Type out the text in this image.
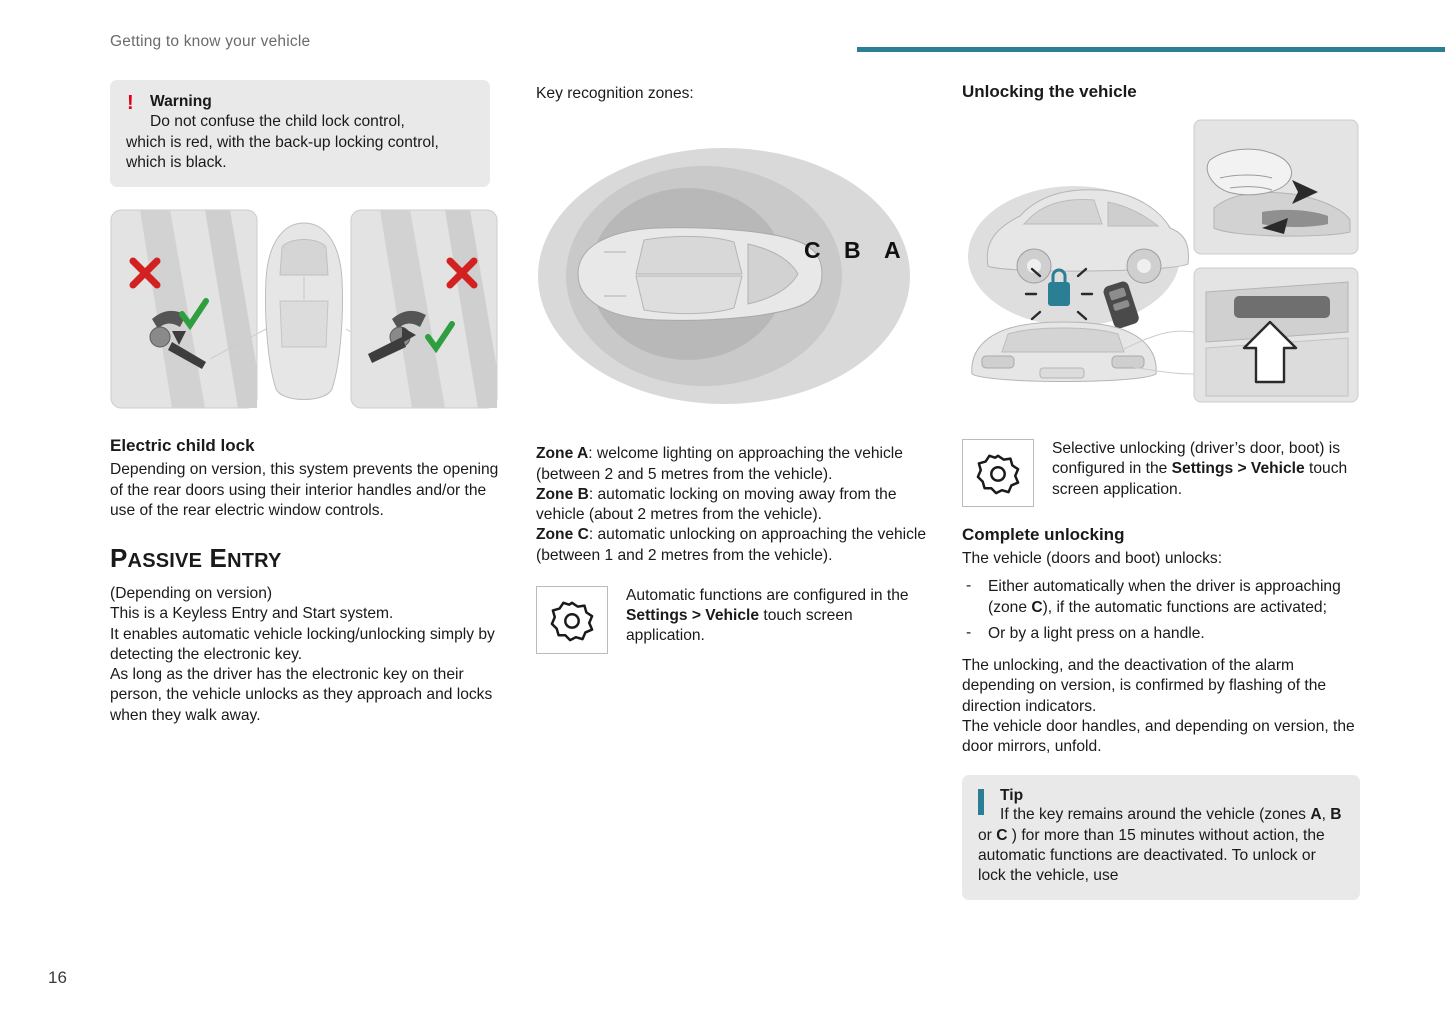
Getting to know your vehicle
! Warning
Do not confuse the child lock control,
which is red, with the back-up locking control,
which is black.
Electric child lock

Depending on version, this system prevents the opening of the rear doors using their interior handles and/or the use of the rear electric window controls.

PASSIVE ENTRY

(Depending on version)

This is a Keyless Entry and Start system.

It enables automatic vehicle locking/unlocking simply by detecting the electronic key.

As long as the driver has the electronic key on their person, the vehicle unlocks as they approach and locks when they walk away.

Key recognition zones:

C B A

Zone A: welcome lighting on approaching the vehicle (between 2 and 5 metres from the vehicle).

Zone B: automatic locking on moving away from the vehicle (about 2 metres from the vehicle).

Zone C: automatic unlocking on approaching the vehicle (between 1 and 2 metres from the vehicle).

Automatic functions are configured in the Settings > Vehicle touch screen application.

Unlocking the vehicle

Selective unlocking (driver’s door, boot) is configured in the Settings > Vehicle touch screen application.

Complete unlocking

The vehicle (doors and boot) unlocks:

- Either automatically when the driver is approaching (zone C), if the automatic functions are activated;
- Or by a light press on a handle.

The unlocking, and the deactivation of the alarm depending on version, is confirmed by flashing of the direction indicators.

The vehicle door handles, and depending on version, the door mirrors, unfold.

Tip
If the key remains around the vehicle (zones A, B or C ) for more than 15 minutes without action, the automatic functions are deactivated. To unlock or lock the vehicle, use
16
